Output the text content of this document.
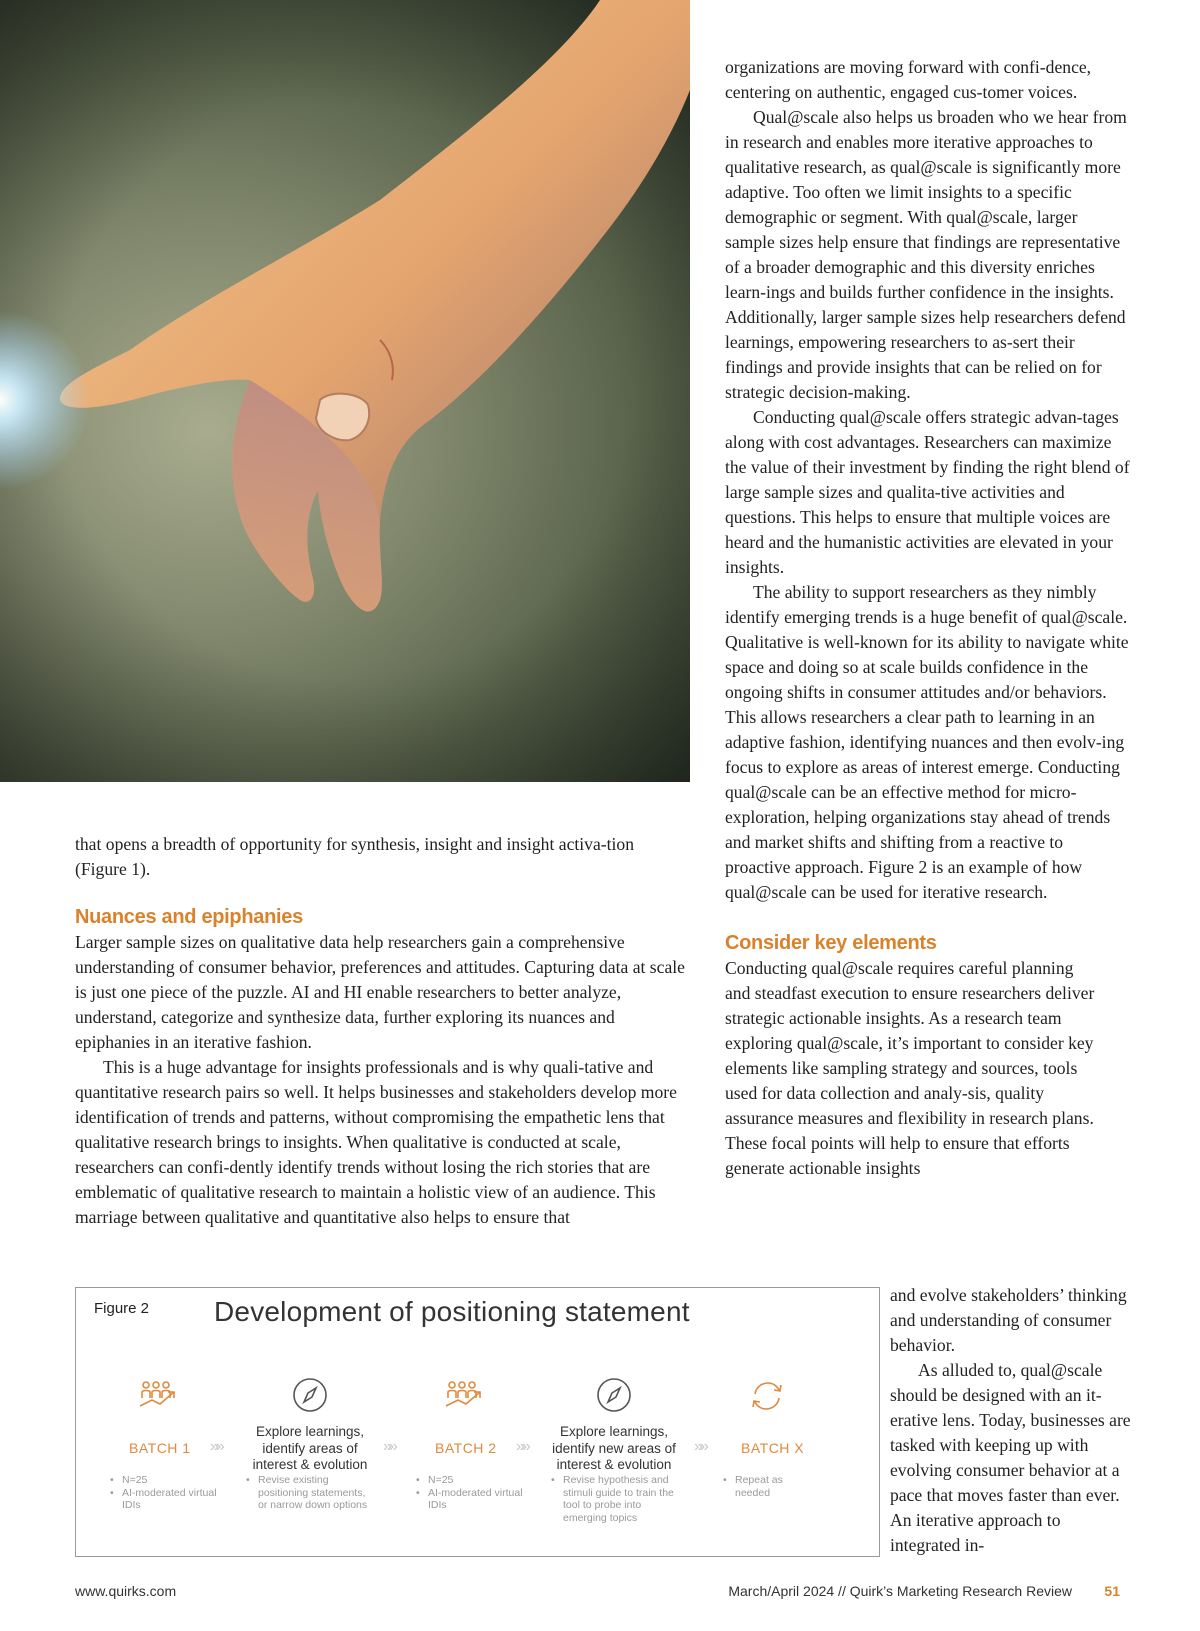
organizations are moving forward with confi-dence, centering on authentic, engaged cus-tomer voices.

Qual@scale also helps us broaden who we hear from in research and enables more iterative approaches to qualitative research, as qual@scale is significantly more adaptive. Too often we limit insights to a specific demographic or segment. With qual@scale, larger sample sizes help ensure that findings are representative of a broader demographic and this diversity enriches learn-ings and builds further confidence in the insights. Additionally, larger sample sizes help researchers defend learnings, empowering researchers to as-sert their findings and provide insights that can be relied on for strategic decision-making.

Conducting qual@scale offers strategic advan-tages along with cost advantages. Researchers can maximize the value of their investment by finding the right blend of large sample sizes and qualita-tive activities and questions. This helps to ensure that multiple voices are heard and the humanistic activities are elevated in your insights.

The ability to support researchers as they nimbly identify emerging trends is a huge benefit of qual@scale. Qualitative is well-known for its ability to navigate white space and doing so at scale builds confidence in the ongoing shifts in consumer attitudes and/or behaviors. This allows researchers a clear path to learning in an adaptive fashion, identifying nuances and then evolv-ing focus to explore as areas of interest emerge. Conducting qual@scale can be an effective method for micro-exploration, helping organizations stay ahead of trends and market shifts and shifting from a reactive to proactive approach. Figure 2 is an example of how qual@scale can be used for iterative research.

Consider key elements

Conducting qual@scale requires careful planning and steadfast execution to ensure researchers deliver strategic actionable insights. As a research team exploring qual@scale, it’s important to consider key elements like sampling strategy and sources, tools used for data collection and analy-sis, quality assurance measures and flexibility in research plans. These focal points will help to ensure that efforts generate actionable insights

and evolve stakeholders’ thinking and understanding of consumer behavior.

As alluded to, qual@scale should be designed with an it-erative lens. Today, businesses are tasked with keeping up with evolving consumer behavior at a pace that moves faster than ever. An iterative approach to integrated in-

that opens a breadth of opportunity for synthesis, insight and insight activa-tion (Figure 1).

Nuances and epiphanies

Larger sample sizes on qualitative data help researchers gain a comprehensive understanding of consumer behavior, preferences and attitudes. Capturing data at scale is just one piece of the puzzle. AI and HI enable researchers to better analyze, understand, categorize and synthesize data, further exploring its nuances and epiphanies in an iterative fashion.

This is a huge advantage for insights professionals and is why quali-tative and quantitative research pairs so well. It helps businesses and stakeholders develop more identification of trends and patterns, without compromising the empathetic lens that qualitative research brings to insights. When qualitative is conducted at scale, researchers can confi-dently identify trends without losing the rich stories that are emblematic of qualitative research to maintain a holistic view of an audience. This marriage between qualitative and quantitative also helps to ensure that

Figure 2 Development of positioning statement
BATCH 1
• N=25
• AI-moderated virtual IDIs
»»
Explore learnings, identify areas of interest & evolution
• Revise existing positioning statements, or narrow down options
»»	BATCH 2
• N=25
• AI-moderated virtual IDIs
»»
Explore learnings, identify new areas of interest & evolution
• Revise hypothesis and stimuli guide to train the tool to probe into emerging topics
»»	BATCH X
• Repeat as needed
www.quirks.com	March/April 2024 // Quirk’s Marketing Research Review 51
